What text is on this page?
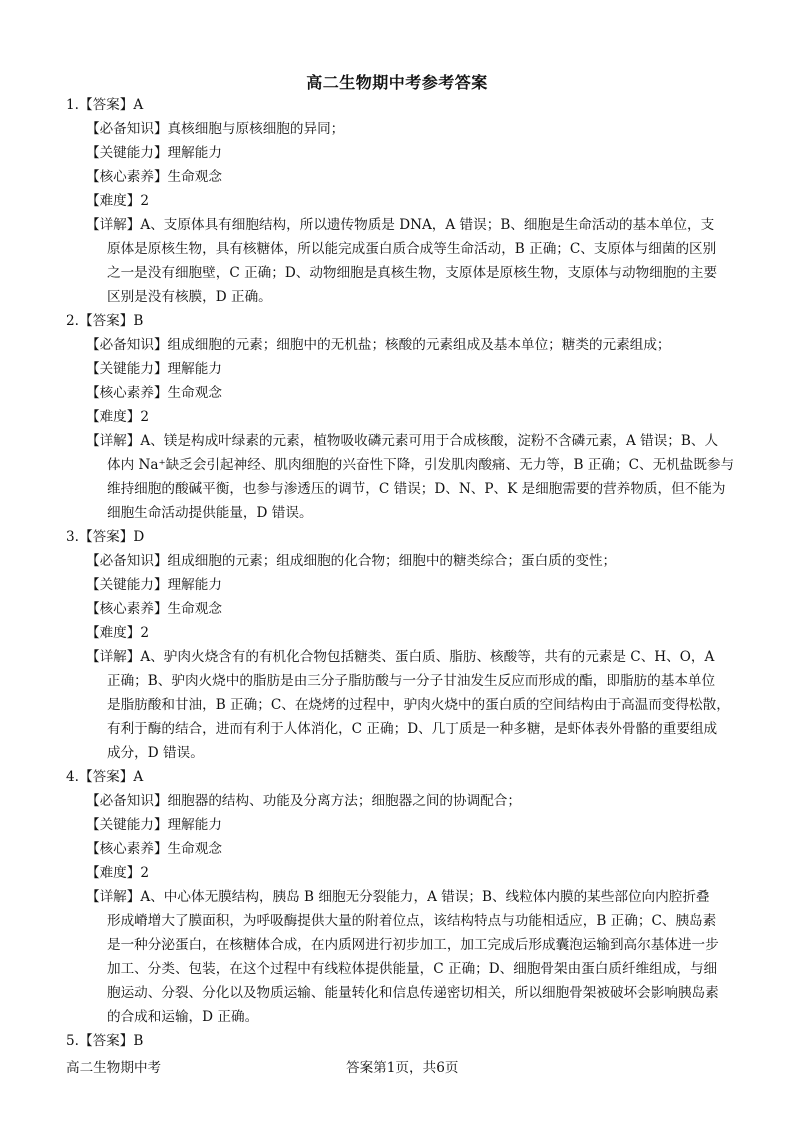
高二生物期中考参考答案
1.【答案】A
【必备知识】真核细胞与原核细胞的异同；
【关键能力】理解能力
【核心素养】生命观念
【难度】2
【详解】A、支原体具有细胞结构，所以遗传物质是 DNA，A 错误；B、细胞是生命活动的基本单位，支
原体是原核生物，具有核糖体，所以能完成蛋白质合成等生命活动，B 正确；C、支原体与细菌的区别
之一是没有细胞壁，C 正确；D、动物细胞是真核生物，支原体是原核生物，支原体与动物细胞的主要
区别是没有核膜，D 正确。
2.【答案】B
【必备知识】组成细胞的元素；细胞中的无机盐；核酸的元素组成及基本单位；糖类的元素组成；
【关键能力】理解能力
【核心素养】生命观念
【难度】2
【详解】A、镁是构成叶绿素的元素，植物吸收磷元素可用于合成核酸，淀粉不含磷元素，A 错误；B、人
体内 Na⁺缺乏会引起神经、肌肉细胞的兴奋性下降，引发肌肉酸痛、无力等，B 正确；C、无机盐既参与
维持细胞的酸碱平衡，也参与渗透压的调节，C 错误；D、N、P、K 是细胞需要的营养物质，但不能为
细胞生命活动提供能量，D 错误。
3.【答案】D
【必备知识】组成细胞的元素；组成细胞的化合物；细胞中的糖类综合；蛋白质的变性；
【关键能力】理解能力
【核心素养】生命观念
【难度】2
【详解】A、驴肉火烧含有的有机化合物包括糖类、蛋白质、脂肪、核酸等，共有的元素是 C、H、O，A
正确；B、驴肉火烧中的脂肪是由三分子脂肪酸与一分子甘油发生反应而形成的酯，即脂肪的基本单位
是脂肪酸和甘油，B 正确；C、在烧烤的过程中，驴肉火烧中的蛋白质的空间结构由于高温而变得松散，
有利于酶的结合，进而有利于人体消化，C 正确；D、几丁质是一种多糖，是虾体表外骨骼的重要组成
成分，D 错误。
4.【答案】A
【必备知识】细胞器的结构、功能及分离方法；细胞器之间的协调配合；
【关键能力】理解能力
【核心素养】生命观念
【难度】2
【详解】A、中心体无膜结构，胰岛 B 细胞无分裂能力，A 错误；B、线粒体内膜的某些部位向内腔折叠
形成嵴增大了膜面积，为呼吸酶提供大量的附着位点，该结构特点与功能相适应，B 正确；C、胰岛素
是一种分泌蛋白，在核糖体合成，在内质网进行初步加工，加工完成后形成囊泡运输到高尔基体进一步
加工、分类、包装，在这个过程中有线粒体提供能量，C 正确；D、细胞骨架由蛋白质纤维组成，与细
胞运动、分裂、分化以及物质运输、能量转化和信息传递密切相关，所以细胞骨架被破坏会影响胰岛素
的合成和运输，D 正确。
5.【答案】B
高二生物期中考	答案第1页，共6页
